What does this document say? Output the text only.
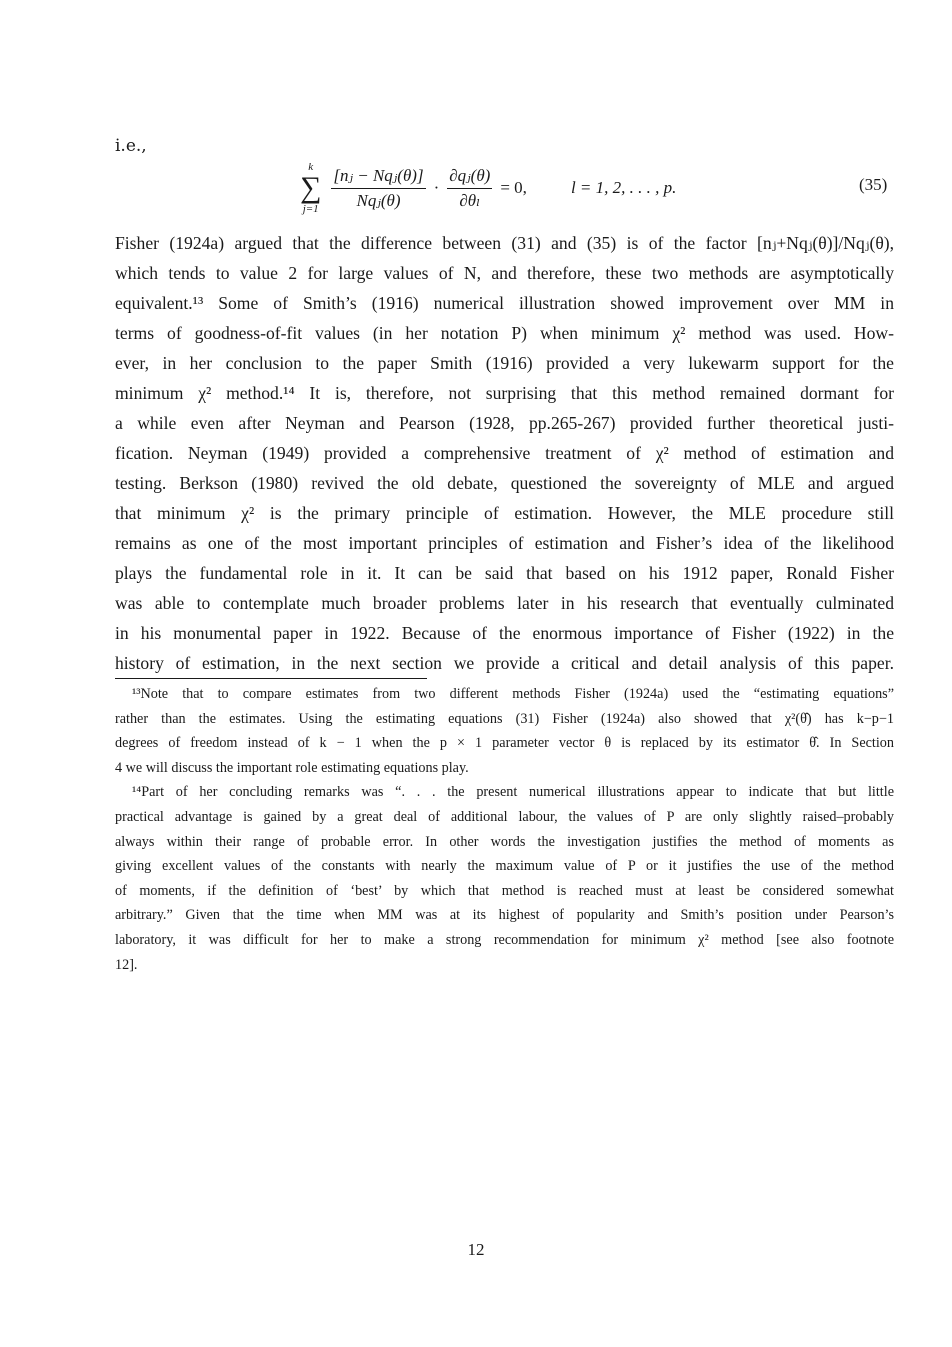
i.e.,
k
∑
$j=1 \frac{\text{[nⱼ − Nqⱼ(θ)]}}{\text{Nqⱼ(θ)}} \cdot \frac{\text{∂qⱼ(θ)}}{\text{∂θₗ}} = 0$,	l = 1, 2, . . . , p.	(35)
Fisher (1924a) argued that the difference between (31) and (35) is of the factor [nⱼ+Nqⱼ(θ)]/Nqⱼ(θ),
which tends to value 2 for large values of N, and therefore, these two methods are asymptotically
equivalent.¹³ Some of Smith’s (1916) numerical illustration showed improvement over MM in
terms of goodness-of-fit values (in her notation P) when minimum χ² method was used. How-
ever, in her conclusion to the paper Smith (1916) provided a very lukewarm support for the
minimum χ² method.¹⁴ It is, therefore, not surprising that this method remained dormant for
a while even after Neyman and Pearson (1928, pp.265-267) provided further theoretical justi-
fication. Neyman (1949) provided a comprehensive treatment of χ² method of estimation and
testing. Berkson (1980) revived the old debate, questioned the sovereignty of MLE and argued
that minimum χ² is the primary principle of estimation. However, the MLE procedure still
remains as one of the most important principles of estimation and Fisher’s idea of the likelihood
plays the fundamental role in it. It can be said that based on his 1912 paper, Ronald Fisher
was able to contemplate much broader problems later in his research that eventually culminated
in his monumental paper in 1922. Because of the enormous importance of Fisher (1922) in the
history of estimation, in the next section we provide a critical and detail analysis of this paper.
¹³Note that to compare estimates from two different methods Fisher (1924a) used the “estimating equations”
rather than the estimates. Using the estimating equations (31) Fisher (1924a) also showed that χ²(θ̂) has k−p−1
degrees of freedom instead of k − 1 when the p × 1 parameter vector θ is replaced by its estimator θ̂. In Section
4 we will discuss the important role estimating equations play.
¹⁴Part of her concluding remarks was “. . . the present numerical illustrations appear to indicate that but little
practical advantage is gained by a great deal of additional labour, the values of P are only slightly raised–probably
always within their range of probable error. In other words the investigation justifies the method of moments as
giving excellent values of the constants with nearly the maximum value of P or it justifies the use of the method
of moments, if the definition of ‘best’ by which that method is reached must at least be considered somewhat
arbitrary.” Given that the time when MM was at its highest of popularity and Smith’s position under Pearson’s
laboratory, it was difficult for her to make a strong recommendation for minimum χ² method [see also footnote
12].
12
